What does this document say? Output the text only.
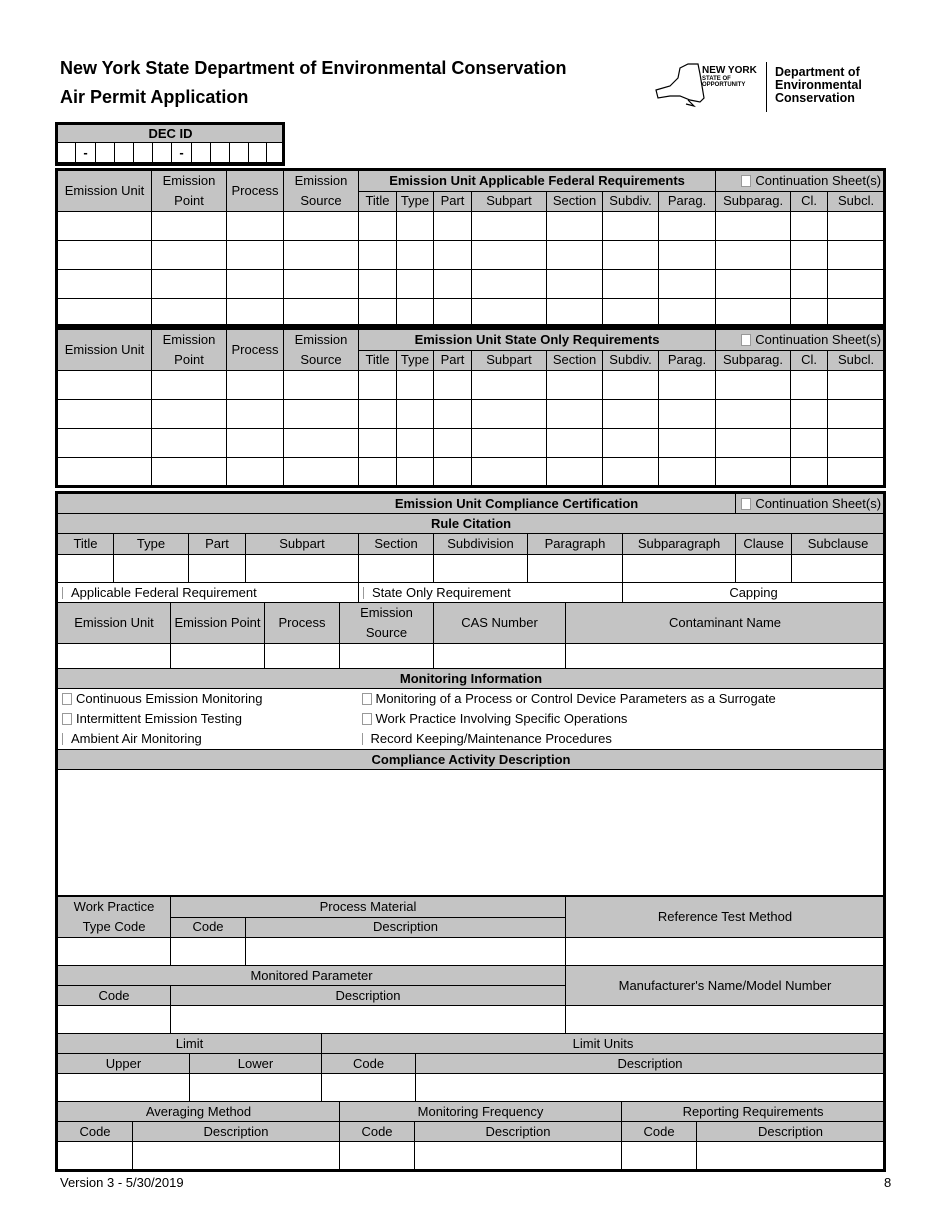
New York State Department of Environmental Conservation
Air Permit Application
NEW YORK
STATE OF
OPPORTUNITY
Department of
Environmental
Conservation
DEC ID
	-					-					
Emission Unit	Emission Point	Process	Emission Source	Emission Unit Applicable Federal Requirements							Continuation Sheet(s)		
				Title	Type	Part	Subpart	Section	Subdiv.	Parag.	Subparag.	Cl.	Subcl.

Emission Unit	Emission Point	Process	Emission Source	Emission Unit State Only Requirements							Continuation Sheet(s)		
				Title	Type	Part	Subpart	Section	Subdiv.	Parag.	Subparag.	Cl.	Subcl.

Emission Unit Compliance Certification								Continuation Sheet(s)	
Rule Citation									
Title	Type	Part	Subpart	Section	Subdivision	Paragraph	Subparagraph	Clause	Subclause

Applicable Federal Requirement				State Only Requirement			Capping		
Emission Unit	Emission Point	Process	Emission Source	CAS Number	Contaminant Name

Monitoring Information	
Continuous Emission Monitoring	Monitoring of a Process or Control Device Parameters as a Surrogate
Intermittent Emission Testing	Work Practice Involving Specific Operations
Ambient Air Monitoring	Record Keeping/Maintenance Procedures
Compliance Activity Description	

Work Practice Type Code	Process Material		Reference Test Method
	Code	Description	

Monitored Parameter		Manufacturer's Name/Model Number
Code	Description	

Limit		Limit Units	
Upper	Lower	Code	Description

Averaging Method		Monitoring Frequency		Reporting Requirements	
Code	Description	Code	Description	Code	Description

Version 3 - 5/30/2019	8
